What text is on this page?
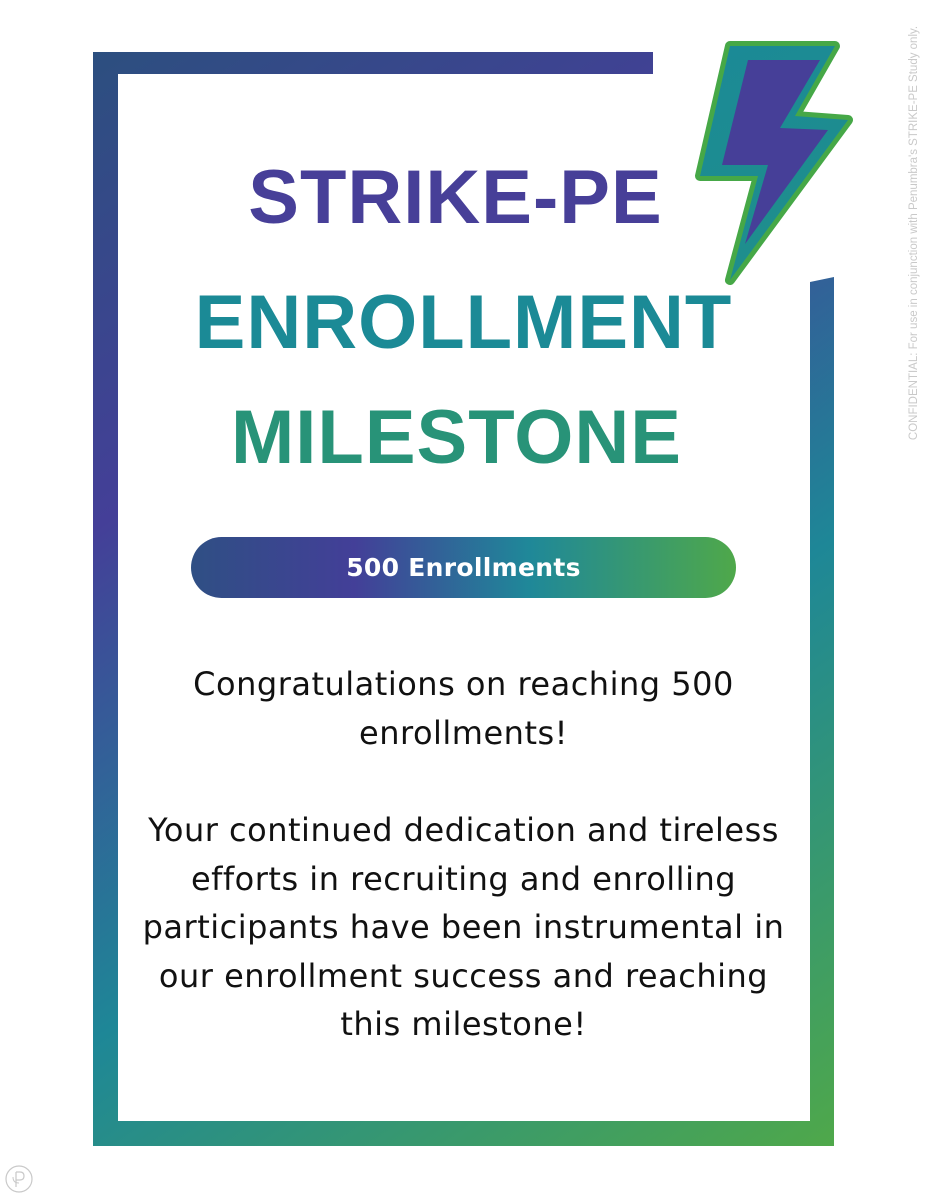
STRIKE-PE
ENROLLMENT
MILESTONE
500 Enrollments

Congratulations on reaching 500 enrollments!

Your continued dedication and tireless efforts in recruiting and enrolling participants have been instrumental in our enrollment success and reaching this milestone!

CONFIDENTIAL: For use in conjunction with Penumbra's STRIKE-PE Study only.
